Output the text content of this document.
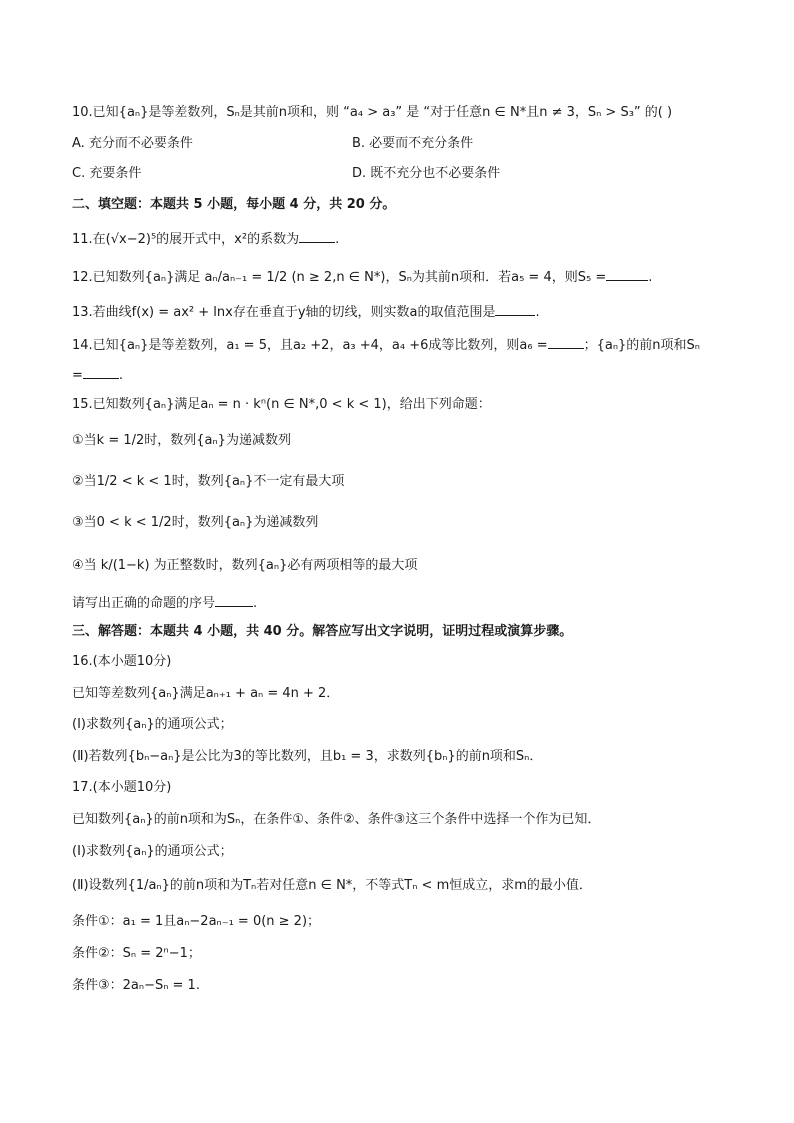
10.已知{aₙ}是等差数列，Sₙ是其前n项和，则 “a₄ > a₃” 是 “对于任意n ∈ N*且n ≠ 3，Sₙ > S₃” 的( )
A. 充分而不必要条件	B. 必要而不充分条件
C. 充要条件	D. 既不充分也不必要条件
二、填空题：本题共 5 小题，每小题 4 分，共 20 分。
11.在(√x−2)⁵的展开式中，x²的系数为	.
12.已知数列{aₙ}满足 aₙ/aₙ₋₁ = 1/2 (n ≥ 2,n ∈ N*)，Sₙ为其前n项和．若a₅ = 4，则S₅ =	.
13.若曲线f(x) = ax² + lnx存在垂直于y轴的切线，则实数a的取值范围是	.
14.已知{aₙ}是等差数列，a₁ = 5，且a₂ +2，a₃ +4，a₄ +6成等比数列，则a₆ =	；{aₙ}的前n项和Sₙ
=	.
15.已知数列{aₙ}满足aₙ = n · kⁿ(n ∈ N*,0 < k < 1)，给出下列命题：
①当k = 1/2时，数列{aₙ}为递减数列
②当1/2 < k < 1时，数列{aₙ}不一定有最大项
③当0 < k < 1/2时，数列{aₙ}为递减数列
④当 k/(1−k) 为正整数时，数列{aₙ}必有两项相等的最大项
请写出正确的命题的序号	.
三、解答题：本题共 4 小题，共 40 分。解答应写出文字说明，证明过程或演算步骤。
16.(本小题10分)
已知等差数列{aₙ}满足aₙ₊₁ + aₙ = 4n + 2．
(Ⅰ)求数列{aₙ}的通项公式；
(Ⅱ)若数列{bₙ−aₙ}是公比为3的等比数列，且b₁ = 3，求数列{bₙ}的前n项和Sₙ．
17.(本小题10分)
已知数列{aₙ}的前n项和为Sₙ，在条件①、条件②、条件③这三个条件中选择一个作为已知．
(Ⅰ)求数列{aₙ}的通项公式；
(Ⅱ)设数列{1/aₙ}的前n项和为Tₙ若对任意n ∈ N*，不等式Tₙ < m恒成立，求m的最小值．
条件①：a₁ = 1且aₙ−2aₙ₋₁ = 0(n ≥ 2)；
条件②：Sₙ = 2ⁿ−1；
条件③：2aₙ−Sₙ = 1.
